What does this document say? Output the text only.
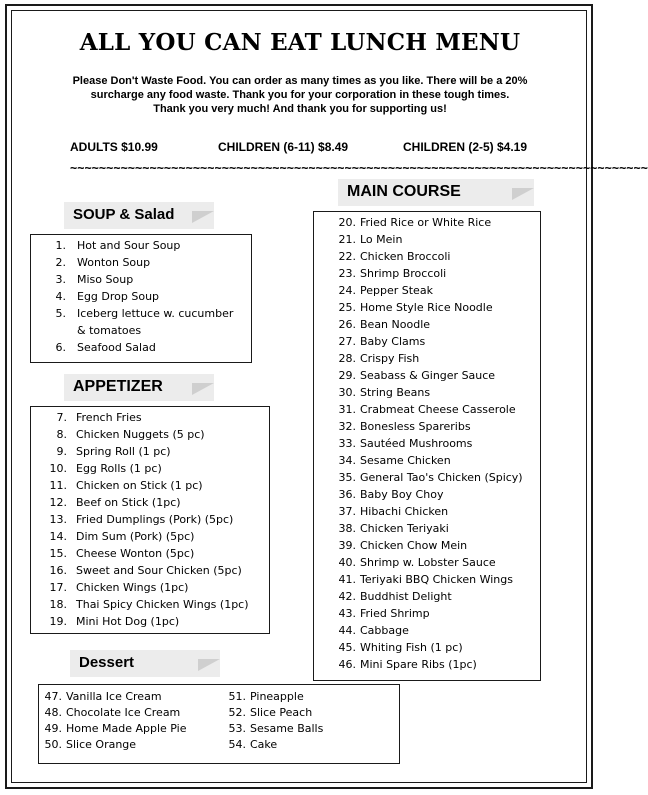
ALL YOU CAN EAT LUNCH MENU
Please Don't Waste Food. You can order as many times as you like. There will be a 20%
surcharge any food waste. Thank you for your corporation in these tough times.
Thank you very much! And thank you for supporting us!
ADULTS $10.99	CHILDREN (6-11) $8.49	CHILDREN (2-5) $4.19
~~~~~~~~~~~~~~~~~~~~~~~~~~~~~~~~~~~~~~~~~~~~~~~~~~~~~~~~~~~~~~~~~~~~~~~~~~~~~~~~
SOUP & Salad
APPETIZER
MAIN COURSE
Dessert
1. Hot and Sour Soup
2. Wonton Soup
3. Miso Soup
4. Egg Drop Soup
5. Iceberg lettuce w. cucumber
& tomatoes
6. Seafood Salad
7. French Fries
8. Chicken Nuggets (5 pc)
9. Spring Roll (1 pc)
10. Egg Rolls (1 pc)
11. Chicken on Stick (1 pc)
12. Beef on Stick (1pc)
13. Fried Dumplings (Pork) (5pc)
14. Dim Sum (Pork) (5pc)
15. Cheese Wonton (5pc)
16. Sweet and Sour Chicken (5pc)
17. Chicken Wings (1pc)
18. Thai Spicy Chicken Wings (1pc)
19. Mini Hot Dog (1pc)
20. Fried Rice or White Rice
21. Lo Mein
22. Chicken Broccoli
23. Shrimp Broccoli
24. Pepper Steak
25. Home Style Rice Noodle
26. Bean Noodle
27. Baby Clams
28. Crispy Fish
29. Seabass & Ginger Sauce
30. String Beans
31. Crabmeat Cheese Casserole
32. Bonesless Spareribs
33. Sautéed Mushrooms
34. Sesame Chicken
35. General Tao's Chicken (Spicy)
36. Baby Boy Choy
37. Hibachi Chicken
38. Chicken Teriyaki
39. Chicken Chow Mein
40. Shrimp w. Lobster Sauce
41. Teriyaki BBQ Chicken Wings
42. Buddhist Delight
43. Fried Shrimp
44. Cabbage
45. Whiting Fish (1 pc)
46. Mini Spare Ribs (1pc)
47. Vanilla Ice Cream
48. Chocolate Ice Cream
49. Home Made Apple Pie
50. Slice Orange
51. Pineapple
52. Slice Peach
53. Sesame Balls
54. Cake
